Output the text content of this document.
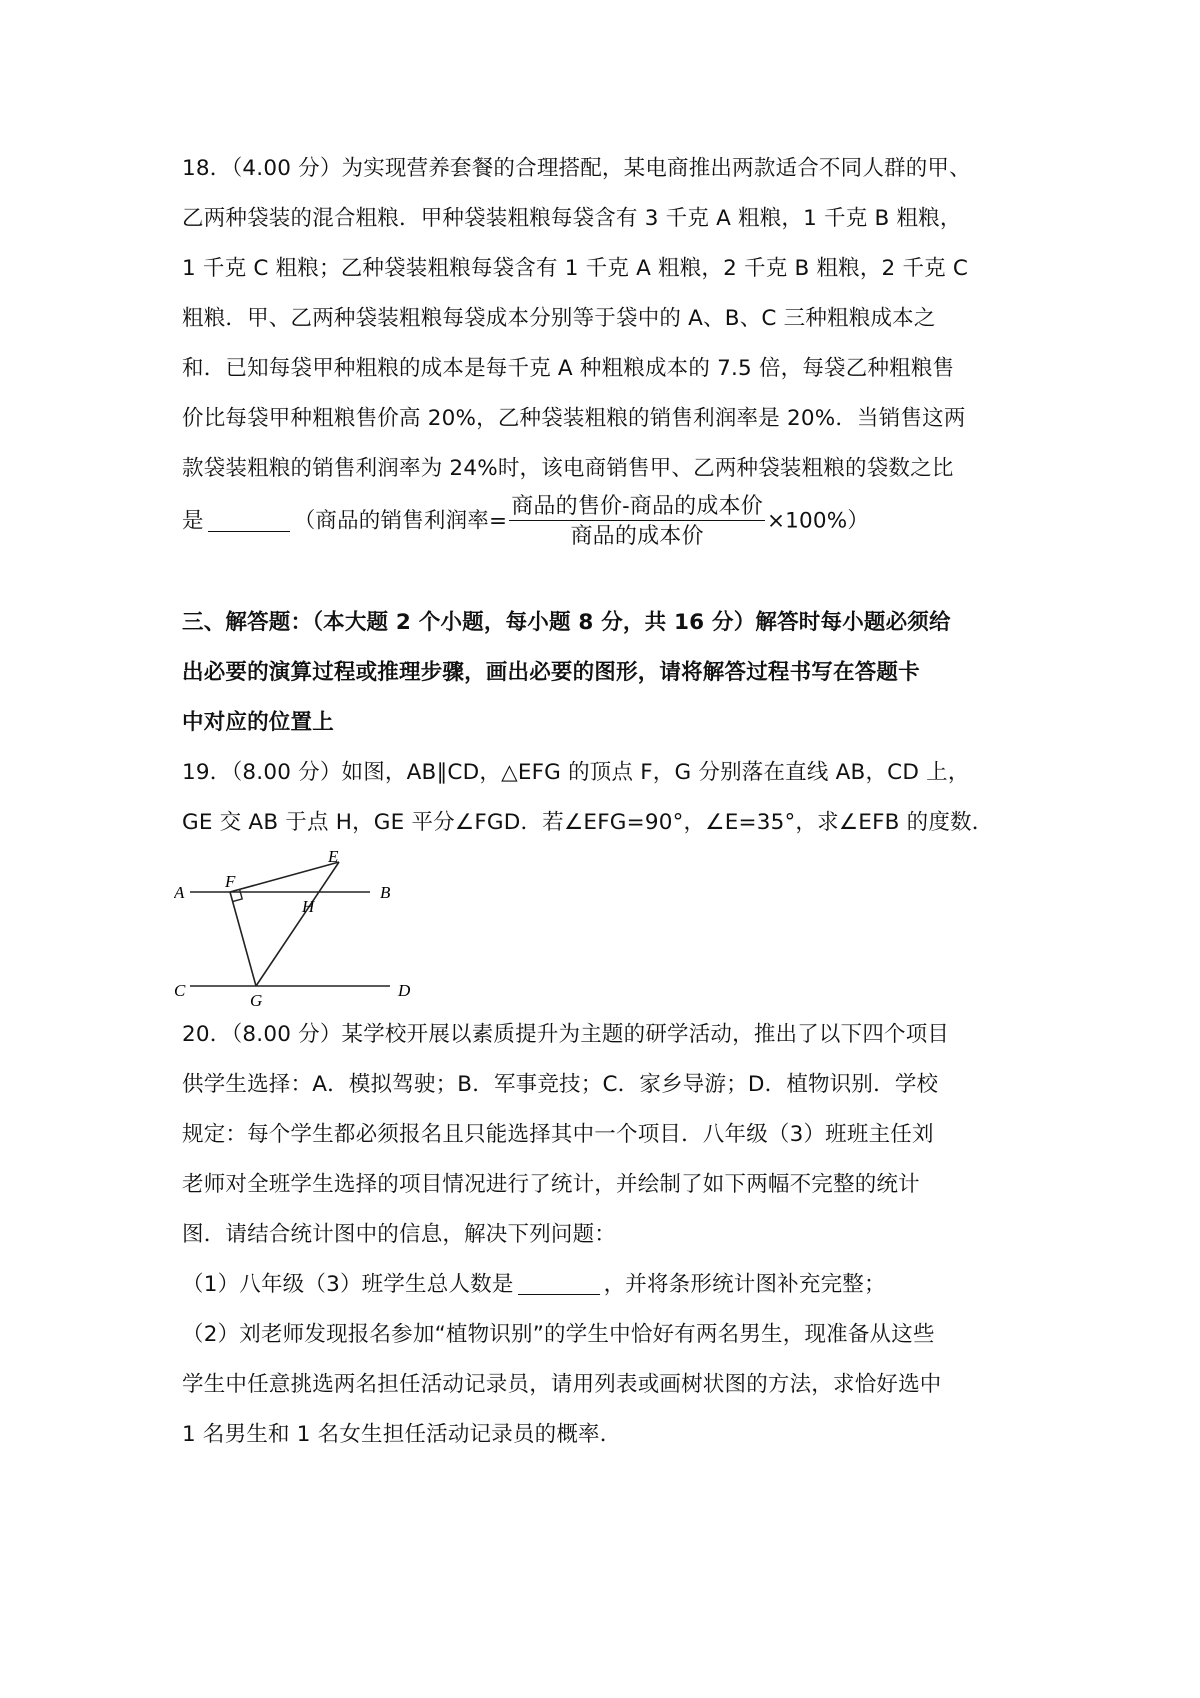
18．（4.00 分）为实现营养套餐的合理搭配，某电商推出两款适合不同人群的甲、
乙两种袋装的混合粗粮．甲种袋装粗粮每袋含有 3 千克 A 粗粮，1 千克 B 粗粮，
1 千克 C 粗粮；乙种袋装粗粮每袋含有 1 千克 A 粗粮，2 千克 B 粗粮，2 千克 C
粗粮．甲、乙两种袋装粗粮每袋成本分别等于袋中的 A、B、C 三种粗粮成本之
和．已知每袋甲种粗粮的成本是每千克 A 种粗粮成本的 7.5 倍，每袋乙种粗粮售
价比每袋甲种粗粮售价高 20%，乙种袋装粗粮的销售利润率是 20%．当销售这两
款袋装粗粮的销售利润率为 24%时，该电商销售甲、乙两种袋装粗粮的袋数之比
是	（商品的销售利润率= $\frac{\text{商品的售价-商品的成本价}}{\text{商品的成本价}} \times 100\%$）
三、解答题：（本大题 2 个小题，每小题 8 分，共 16 分）解答时每小题必须给
出必要的演算过程或推理步骤，画出必要的图形，请将解答过程书写在答题卡
中对应的位置上
19．（8.00 分）如图，AB∥CD，△EFG 的顶点 F，G 分别落在直线 AB，CD 上，
GE 交 AB 于点 H，GE 平分∠FGD．若∠EFG=90°，∠E=35°，求∠EFB 的度数．
A
F
B
E
H
C
G
D
20．（8.00 分）某学校开展以素质提升为主题的研学活动，推出了以下四个项目
供学生选择：A．模拟驾驶；B．军事竞技；C．家乡导游；D．植物识别．学校
规定：每个学生都必须报名且只能选择其中一个项目．八年级（3）班班主任刘
老师对全班学生选择的项目情况进行了统计，并绘制了如下两幅不完整的统计
图．请结合统计图中的信息，解决下列问题：
（1）八年级（3）班学生总人数是	，并将条形统计图补充完整；
（2）刘老师发现报名参加“植物识别”的学生中恰好有两名男生，现准备从这些
学生中任意挑选两名担任活动记录员，请用列表或画树状图的方法，求恰好选中
1 名男生和 1 名女生担任活动记录员的概率．
